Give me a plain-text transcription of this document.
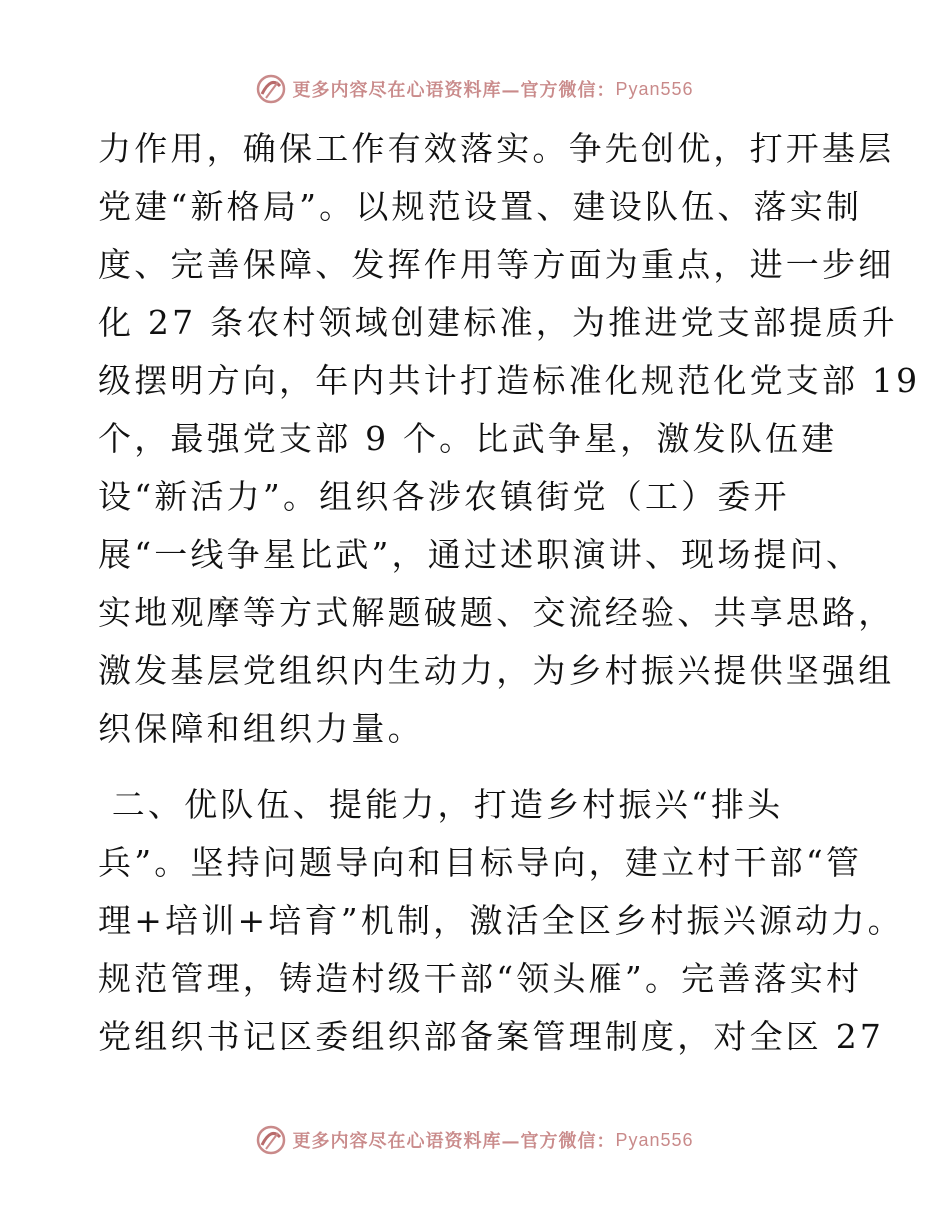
更多内容尽在心语资料库—官方微信： Pyan556
力作用，确保工作有效落实。争先创优，打开基层
党建“新格局”。以规范设置、建设队伍、落实制
度、完善保障、发挥作用等方面为重点，进一步细
化 27 条农村领域创建标准，为推进党支部提质升
级摆明方向，年内共计打造标准化规范化党支部 19
个，最强党支部 9 个。比武争星，激发队伍建
设“新活力”。组织各涉农镇街党（工）委开
展“一线争星比武”，通过述职演讲、现场提问、
实地观摩等方式解题破题、交流经验、共享思路，
激发基层党组织内生动力，为乡村振兴提供坚强组
织保障和组织力量。
二、优队伍、提能力，打造乡村振兴“排头
兵”。坚持问题导向和目标导向，建立村干部“管
理+培训+培育”机制，激活全区乡村振兴源动力。
规范管理，铸造村级干部“领头雁”。完善落实村
党组织书记区委组织部备案管理制度，对全区 27
更多内容尽在心语资料库—官方微信： Pyan556
